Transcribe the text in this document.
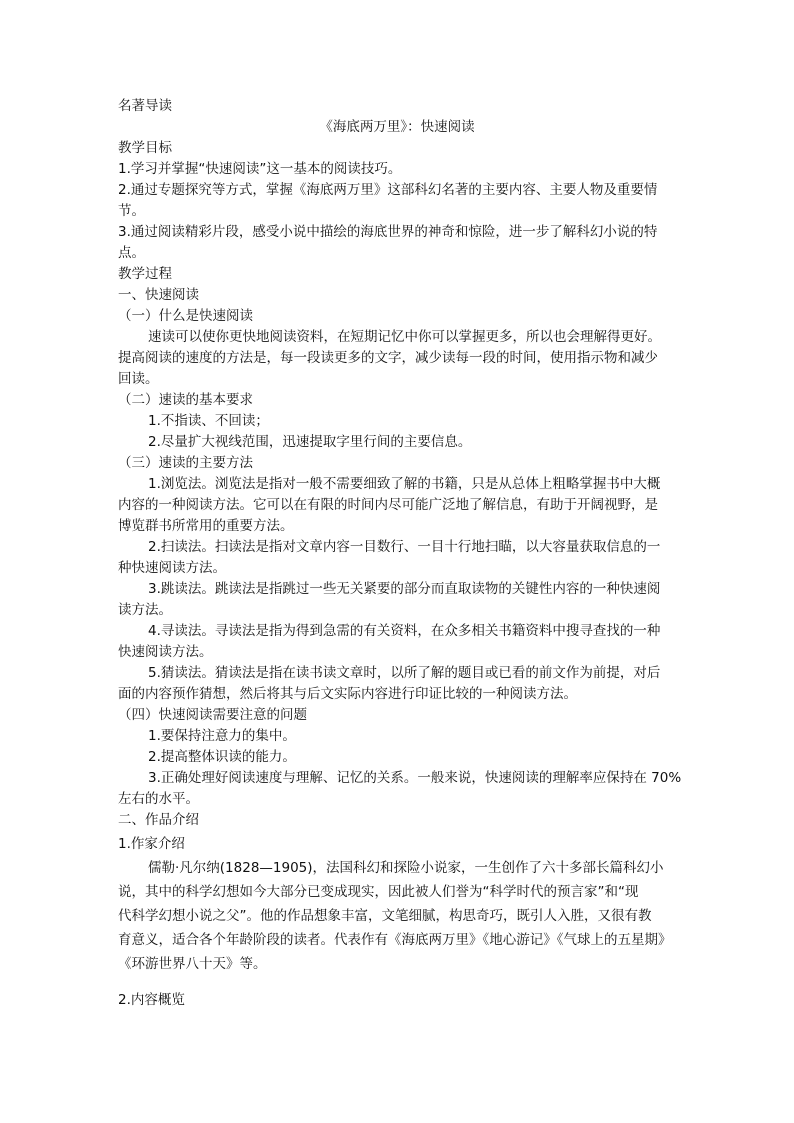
名著导读
《海底两万里》：快速阅读
教学目标
1.学习并掌握“快速阅读”这一基本的阅读技巧。
2.通过专题探究等方式，掌握《海底两万里》这部科幻名著的主要内容、主要人物及重要情
节。
3.通过阅读精彩片段，感受小说中描绘的海底世界的神奇和惊险，进一步了解科幻小说的特
点。
教学过程
一、快速阅读
（一）什么是快速阅读
速读可以使你更快地阅读资料，在短期记忆中你可以掌握更多，所以也会理解得更好。
提高阅读的速度的方法是，每一段读更多的文字，减少读每一段的时间，使用指示物和减少
回读。
（二）速读的基本要求
1.不指读、不回读；
2.尽量扩大视线范围，迅速提取字里行间的主要信息。
（三）速读的主要方法
1.浏览法。浏览法是指对一般不需要细致了解的书籍，只是从总体上粗略掌握书中大概
内容的一种阅读方法。它可以在有限的时间内尽可能广泛地了解信息，有助于开阔视野，是
博览群书所常用的重要方法。
2.扫读法。扫读法是指对文章内容一目数行、一目十行地扫瞄，以大容量获取信息的一
种快速阅读方法。
3.跳读法。跳读法是指跳过一些无关紧要的部分而直取读物的关键性内容的一种快速阅
读方法。
4.寻读法。寻读法是指为得到急需的有关资料，在众多相关书籍资料中搜寻查找的一种
快速阅读方法。
5.猜读法。猜读法是指在读书读文章时，以所了解的题目或已看的前文作为前提，对后
面的内容预作猜想，然后将其与后文实际内容进行印证比较的一种阅读方法。
（四）快速阅读需要注意的问题
1.要保持注意力的集中。
2.提高整体识读的能力。
3.正确处理好阅读速度与理解、记忆的关系。一般来说，快速阅读的理解率应保持在 70%
左右的水平。
二、作品介绍
1.作家介绍
儒勒·凡尔纳(1828—1905)，法国科幻和探险小说家，一生创作了六十多部长篇科幻小
说，其中的科学幻想如今大部分已变成现实，因此被人们誉为“科学时代的预言家”和“现
代科学幻想小说之父”。他的作品想象丰富，文笔细腻，构思奇巧，既引人入胜，又很有教
育意义，适合各个年龄阶段的读者。代表作有《海底两万里》《地心游记》《气球上的五星期》
《环游世界八十天》等。
2.内容概览
